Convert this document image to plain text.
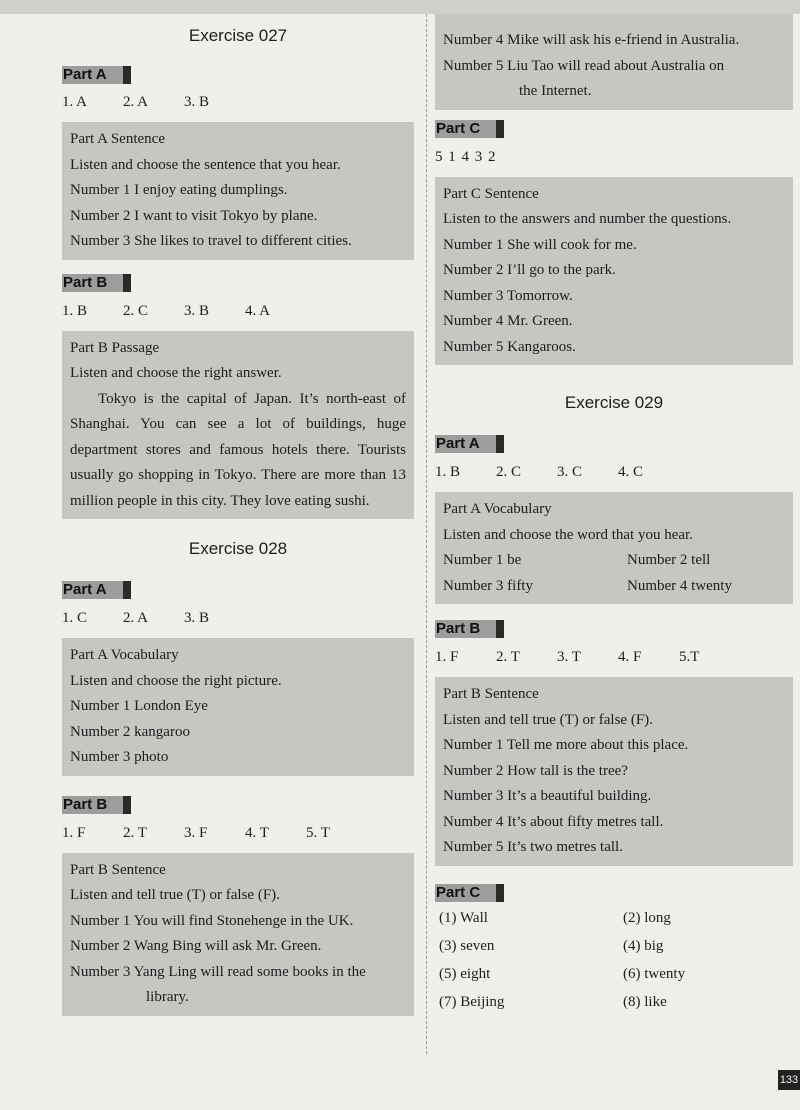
Exercise 027
Part A
1. A 2. A 3. B
Part A Sentence
Listen and choose the sentence that you hear.
Number 1 I enjoy eating dumplings.
Number 2 I want to visit Tokyo by plane.
Number 3 She likes to travel to different cities.
Part B
1. B 2. C 3. B 4. A
Part B Passage
Listen and choose the right answer.
Tokyo is the capital of Japan. It’s north-east of Shanghai. You can see a lot of buildings, huge department stores and famous hotels there. Tourists usually go shopping in Tokyo. There are more than 13 million people in this city. They love eating sushi.
Exercise 028
Part A
1. C 2. A 3. B
Part A Vocabulary
Listen and choose the right picture.
Number 1 London Eye
Number 2 kangaroo
Number 3 photo
Part B
1. F	2. T 3. F	4. T 5. T
Part B Sentence
Listen and tell true (T) or false (F).
Number 1 You will find Stonehenge in the UK.
Number 2 Wang Bing will ask Mr. Green.
Number 3 Yang Ling will read some books in the
library.
Number 4 Mike will ask his e-friend in Australia.
Number 5 Liu Tao will read about Australia on
the Internet.
Part C
5 1 4 3 2
Part C Sentence
Listen to the answers and number the questions.
Number 1 She will cook for me.
Number 2 I’ll go to the park.
Number 3 Tomorrow.
Number 4 Mr. Green.
Number 5 Kangaroos.
Exercise 029
Part A
1. B 2. C 3. C 4. C
Part A Vocabulary
Listen and choose the word that you hear.
Number 1 be	Number 2 tell
Number 3 fifty	Number 4 twenty
Part B
1. F	2. T 3. T 4. F	5.T
Part B Sentence
Listen and tell true (T) or false (F).
Number 1 Tell me more about this place.
Number 2 How tall is the tree?
Number 3 It’s a beautiful building.
Number 4 It’s about fifty metres tall.
Number 5 It’s two metres tall.
Part C
(1) Wall	(2) long
(3) seven	(4) big
(5) eight	(6) twenty
(7) Beijing	(8) like
133
